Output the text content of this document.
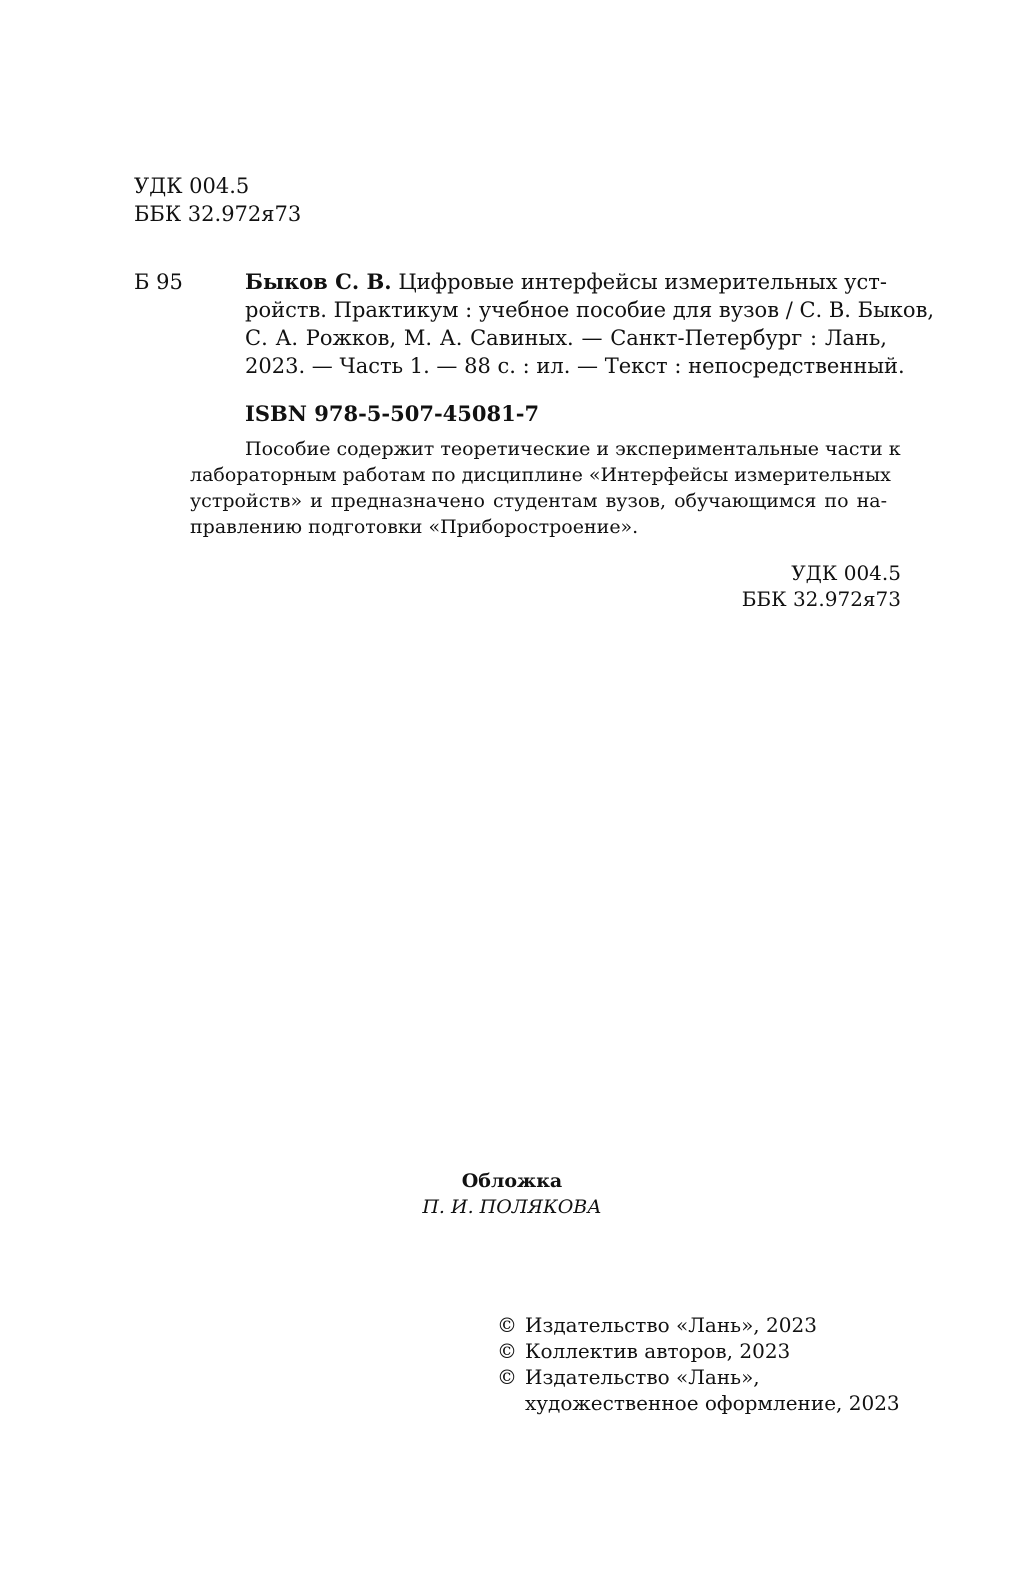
УДК 004.5
ББК 32.972я73
Б 95	Быков С. В. Цифровые интерфейсы измерительных уст-
ройств. Практикум : учебное пособие для вузов / С. В. Быков,
С. А. Рожков, М. А. Савиных. — Санкт-Петербург : Лань,
2023. — Часть 1. — 88 с. : ил. — Текст : непосредственный.
ISBN 978-5-507-45081-7
Пособие содержит теоретические и экспериментальные части к
лабораторным работам по дисциплине «Интерфейсы измерительных
устройств» и предназначено студентам вузов, обучающимся по на-
правлению подготовки «Приборостроение».
УДК 004.5
ББК 32.972я73
Обложка
П. И. ПОЛЯКОВА
© Издательство «Лань», 2023
© Коллектив авторов, 2023
© Издательство «Лань»,
художественное оформление, 2023
